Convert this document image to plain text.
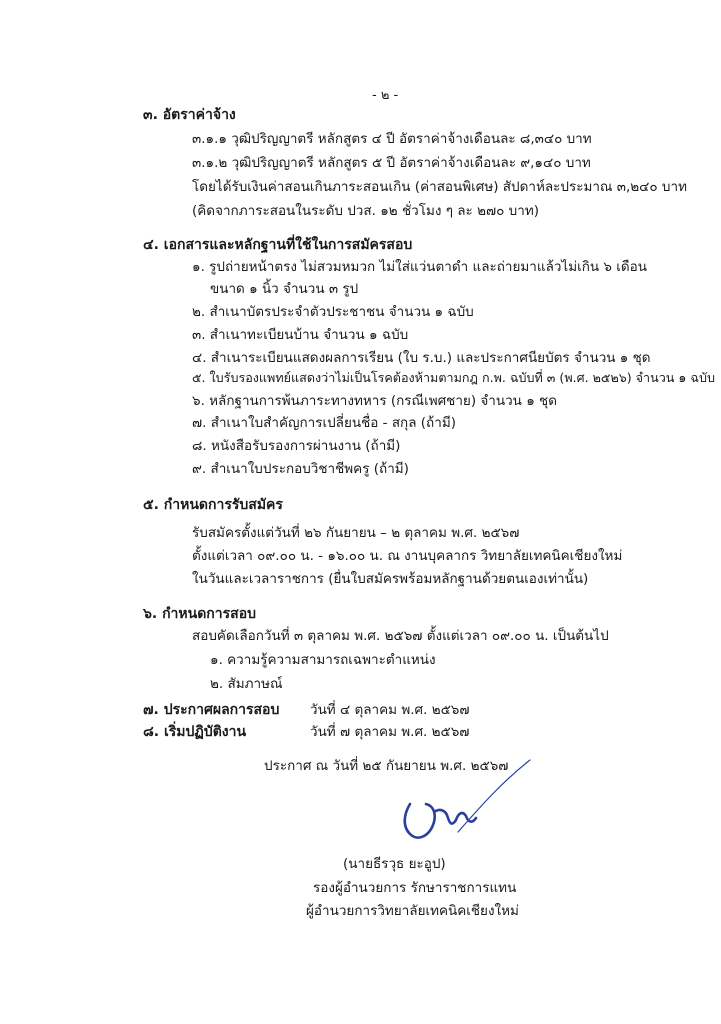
- ๒ -
๓. อัตราค่าจ้าง
๓.๑.๑ วุฒิปริญญาตรี หลักสูตร ๔ ปี อัตราค่าจ้างเดือนละ ๘,๓๔๐ บาท
๓.๑.๒ วุฒิปริญญาตรี หลักสูตร ๕ ปี อัตราค่าจ้างเดือนละ ๙,๑๔๐ บาท
โดยได้รับเงินค่าสอนเกินภาระสอนเกิน (ค่าสอนพิเศษ) สัปดาห์ละประมาณ ๓,๒๔๐ บาท
(คิดจากภาระสอนในระดับ ปวส. ๑๒ ชั่วโมง ๆ ละ ๒๗๐ บาท)
๔. เอกสารและหลักฐานที่ใช้ในการสมัครสอบ
๑. รูปถ่ายหน้าตรง ไม่สวมหมวก ไม่ใส่แว่นตาดำ และถ่ายมาแล้วไม่เกิน ๖ เดือน
ขนาด ๑ นิ้ว จำนวน ๓ รูป
๒. สำเนาบัตรประจำตัวประชาชน จำนวน ๑ ฉบับ
๓. สำเนาทะเบียนบ้าน จำนวน ๑ ฉบับ
๔. สำเนาระเบียนแสดงผลการเรียน (ใบ ร.บ.) และประกาศนียบัตร จำนวน ๑ ชุด
๕. ใบรับรองแพทย์แสดงว่าไม่เป็นโรคต้องห้ามตามกฎ ก.พ. ฉบับที่ ๓ (พ.ศ. ๒๕๒๖) จำนวน ๑ ฉบับ
๖. หลักฐานการพ้นภาระทางทหาร (กรณีเพศชาย) จำนวน ๑ ชุด
๗. สำเนาใบสำคัญการเปลี่ยนชื่อ - สกุล (ถ้ามี)
๘. หนังสือรับรองการผ่านงาน (ถ้ามี)
๙. สำเนาใบประกอบวิชาชีพครู (ถ้ามี)
๕. กำหนดการรับสมัคร
รับสมัครตั้งแต่วันที่ ๒๖ กันยายน – ๒ ตุลาคม พ.ศ. ๒๕๖๗
ตั้งแต่เวลา ๐๙.๐๐ น. - ๑๖.๐๐ น. ณ งานบุคลากร วิทยาลัยเทคนิคเชียงใหม่
ในวันและเวลาราชการ (ยื่นใบสมัครพร้อมหลักฐานด้วยตนเองเท่านั้น)
๖. กำหนดการสอบ
สอบคัดเลือกวันที่ ๓ ตุลาคม พ.ศ. ๒๕๖๗ ตั้งแต่เวลา ๐๙.๐๐ น. เป็นต้นไป
๑. ความรู้ความสามารถเฉพาะตำแหน่ง
๒. สัมภาษณ์
๗. ประกาศผลการสอบ วันที่ ๔ ตุลาคม พ.ศ. ๒๕๖๗
๘. เริ่มปฏิบัติงาน	วันที่ ๗ ตุลาคม พ.ศ. ๒๕๖๗
ประกาศ ณ วันที่ ๒๕ กันยายน พ.ศ. ๒๕๖๗
(นายธีรวุธ ยะอูป)
รองผู้อำนวยการ รักษาราชการแทน
ผู้อำนวยการวิทยาลัยเทคนิคเชียงใหม่
